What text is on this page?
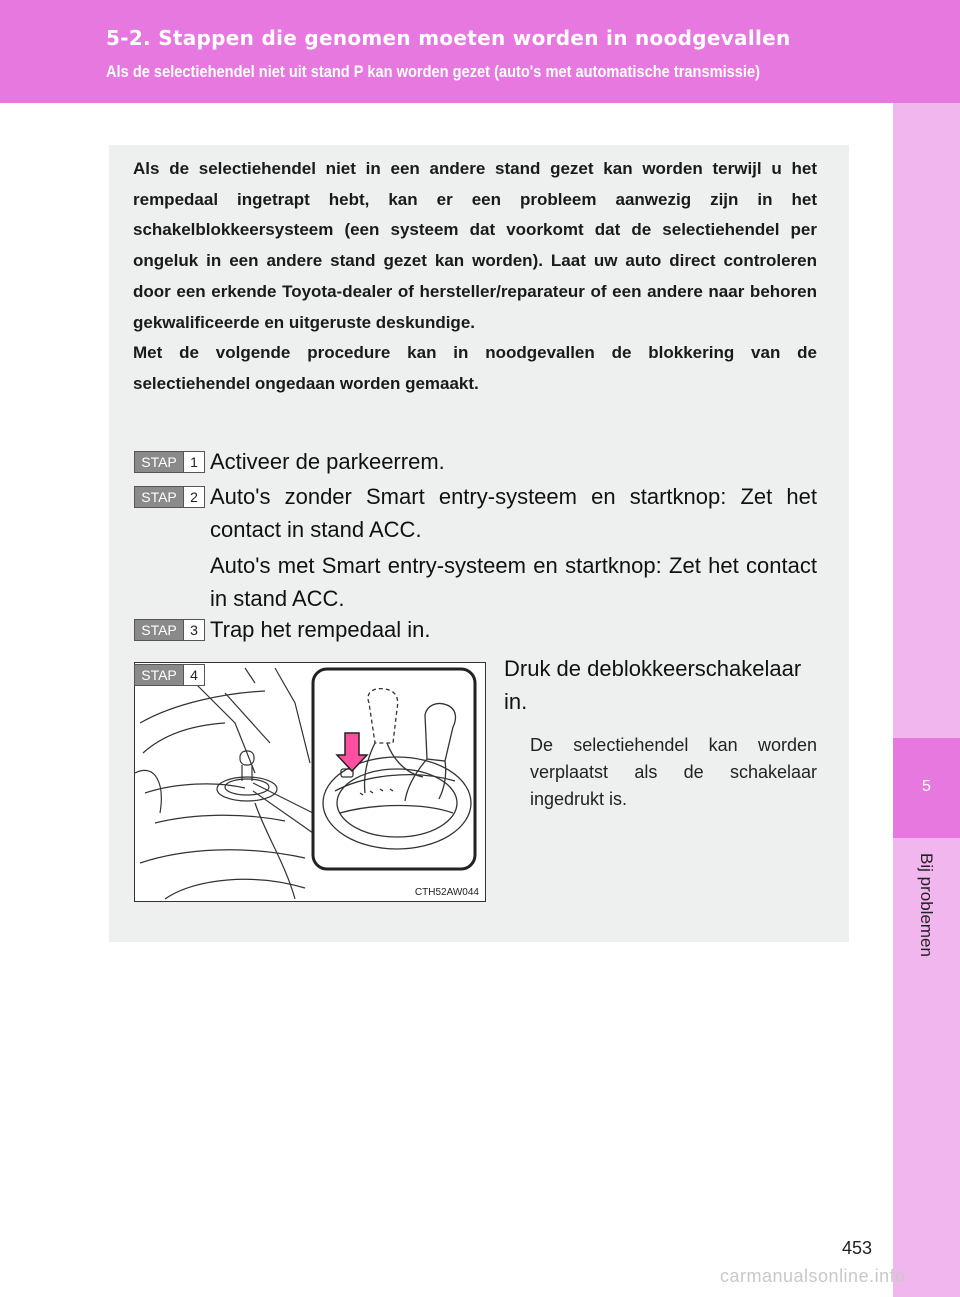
5-2. Stappen die genomen moeten worden in noodgevallen
Als de selectiehendel niet uit stand P kan worden gezet (auto's met automatische transmissie)
5
Bij problemen

Als de selectiehendel niet in een andere stand gezet kan worden terwijl u het rempedaal ingetrapt hebt, kan er een probleem aanwezig zijn in het schakelblokkeersysteem (een systeem dat voorkomt dat de selectiehendel per ongeluk in een andere stand gezet kan worden). Laat uw auto direct controleren door een erkende Toyota-dealer of hersteller/reparateur of een andere naar behoren gekwalificeerde en uitgeruste deskundige.

Met de volgende procedure kan in noodgevallen de blokkering van de selectiehendel ongedaan worden gemaakt.

STAP 1 Activeer de parkeerrem.

STAP 2 Auto's zonder Smart entry-systeem en startknop: Zet het contact in stand ACC.

Auto's met Smart entry-systeem en startknop: Zet het contact in stand ACC.

STAP 3 Trap het rempedaal in.

CTH52AW044
STAP 4	Druk de deblokkeerschakelaar in.
De selectiehendel kan worden verplaatst als de schakelaar ingedrukt is.
453
carmanualsonline.info
